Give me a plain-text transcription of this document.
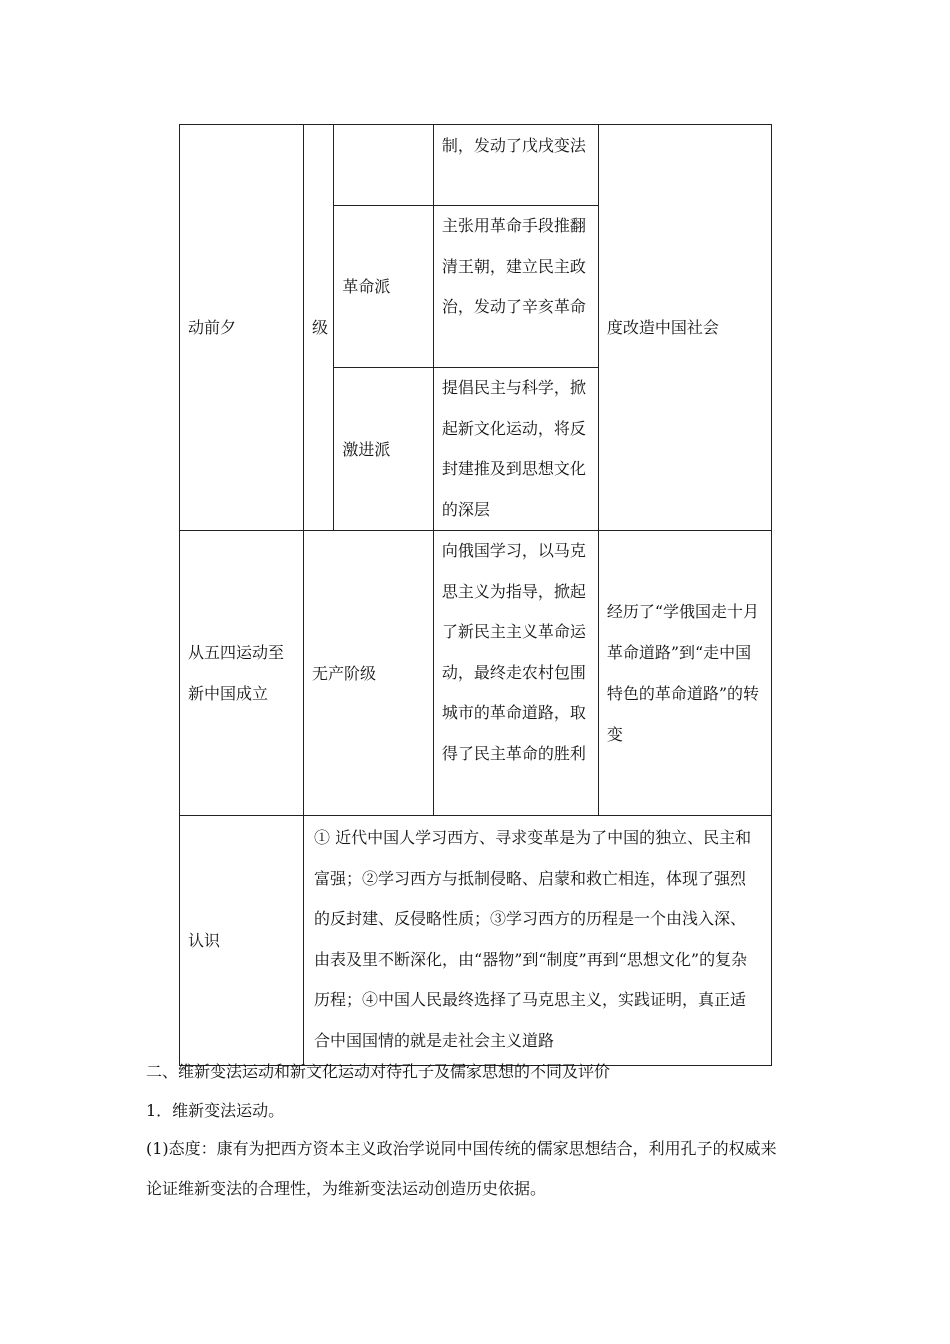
动前夕	级		制，发动了戊戌变法	度改造中国社会
		革命派	主张用革命手段推翻清王朝，建立民主政治，发动了辛亥革命	
		激进派	提倡民主与科学，掀起新文化运动，将反封建推及到思想文化的深层	
从五四运动至新中国成立	无产阶级		向俄国学习，以马克思主义为指导，掀起了新民主主义革命运动，最终走农村包围城市的革命道路，取得了民主革命的胜利	经历了“学俄国走十月革命道路”到“走中国特色的革命道路”的转变
认识	① 近代中国人学习西方、寻求变革是为了中国的独立、民主和富强；②学习西方与抵制侵略、启蒙和救亡相连，体现了强烈的反封建、反侵略性质；③学习西方的历程是一个由浅入深、由表及里不断深化，由“器物”到“制度”再到“思想文化”的复杂历程；④中国人民最终选择了马克思主义，实践证明，真正适合中国国情的就是走社会主义道路			
二、维新变法运动和新文化运动对待孔子及儒家思想的不同及评价
1．维新变法运动。
(1)态度：康有为把西方资本主义政治学说同中国传统的儒家思想结合，利用孔子的权威来
论证维新变法的合理性，为维新变法运动创造历史依据。
